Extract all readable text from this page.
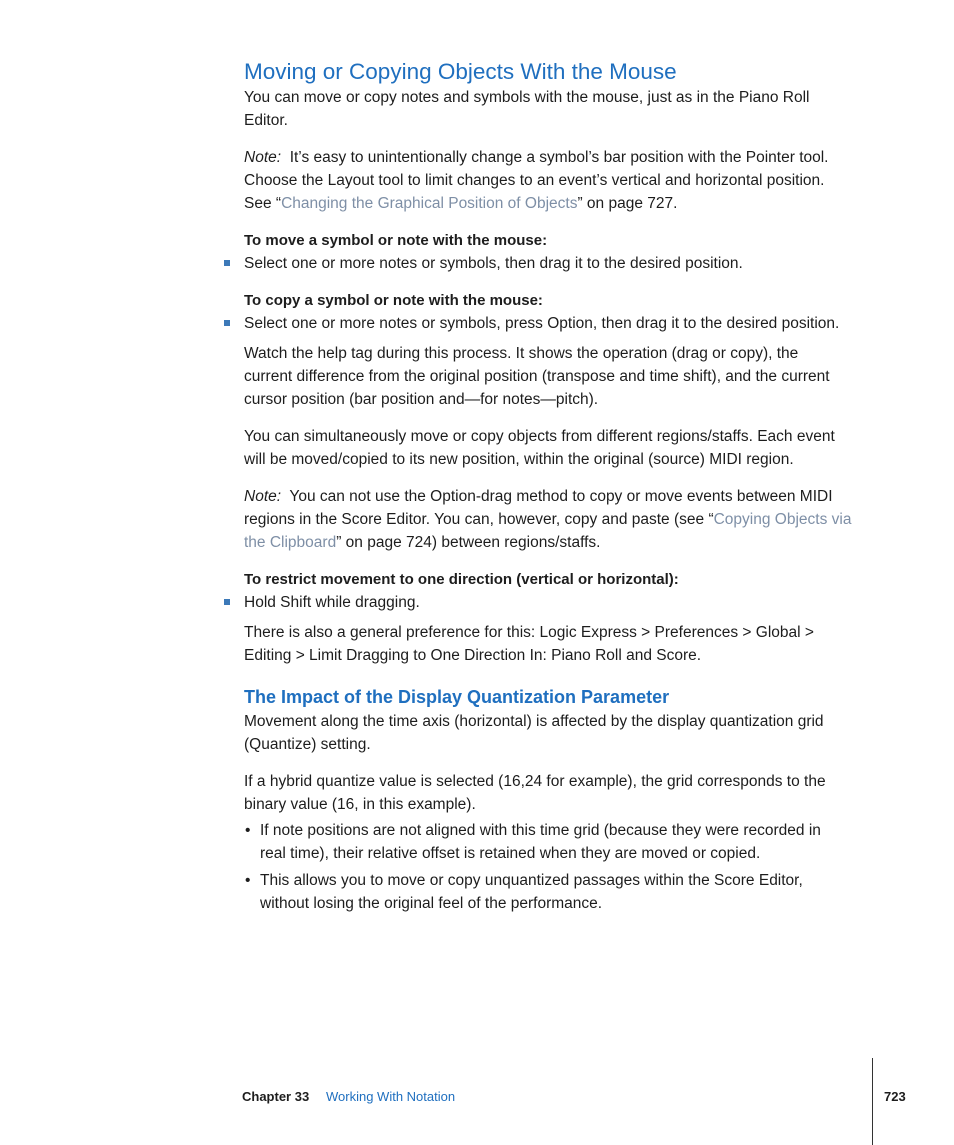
Moving or Copying Objects With the Mouse
You can move or copy notes and symbols with the mouse, just as in the Piano Roll
Editor.
Note: It’s easy to unintentionally change a symbol’s bar position with the Pointer tool.
Choose the Layout tool to limit changes to an event’s vertical and horizontal position.
See “Changing the Graphical Position of Objects” on page 727.
To move a symbol or note with the mouse:
Select one or more notes or symbols, then drag it to the desired position.
To copy a symbol or note with the mouse:
Select one or more notes or symbols, press Option, then drag it to the desired position.
Watch the help tag during this process. It shows the operation (drag or copy), the
current difference from the original position (transpose and time shift), and the current
cursor position (bar position and—for notes—pitch).
You can simultaneously move or copy objects from different regions/staffs. Each event
will be moved/copied to its new position, within the original (source) MIDI region.
Note: You can not use the Option-drag method to copy or move events between MIDI
regions in the Score Editor. You can, however, copy and paste (see “Copying Objects via
the Clipboard” on page 724) between regions/staffs.
To restrict movement to one direction (vertical or horizontal):
Hold Shift while dragging.
There is also a general preference for this: Logic Express > Preferences > Global >
Editing > Limit Dragging to One Direction In: Piano Roll and Score.
The Impact of the Display Quantization Parameter
Movement along the time axis (horizontal) is affected by the display quantization grid
(Quantize) setting.
If a hybrid quantize value is selected (16,24 for example), the grid corresponds to the
binary value (16, in this example).
• If note positions are not aligned with this time grid (because they were recorded in
real time), their relative offset is retained when they are moved or copied.
• This allows you to move or copy unquantized passages within the Score Editor,
without losing the original feel of the performance.
Chapter 33 Working With Notation	723
